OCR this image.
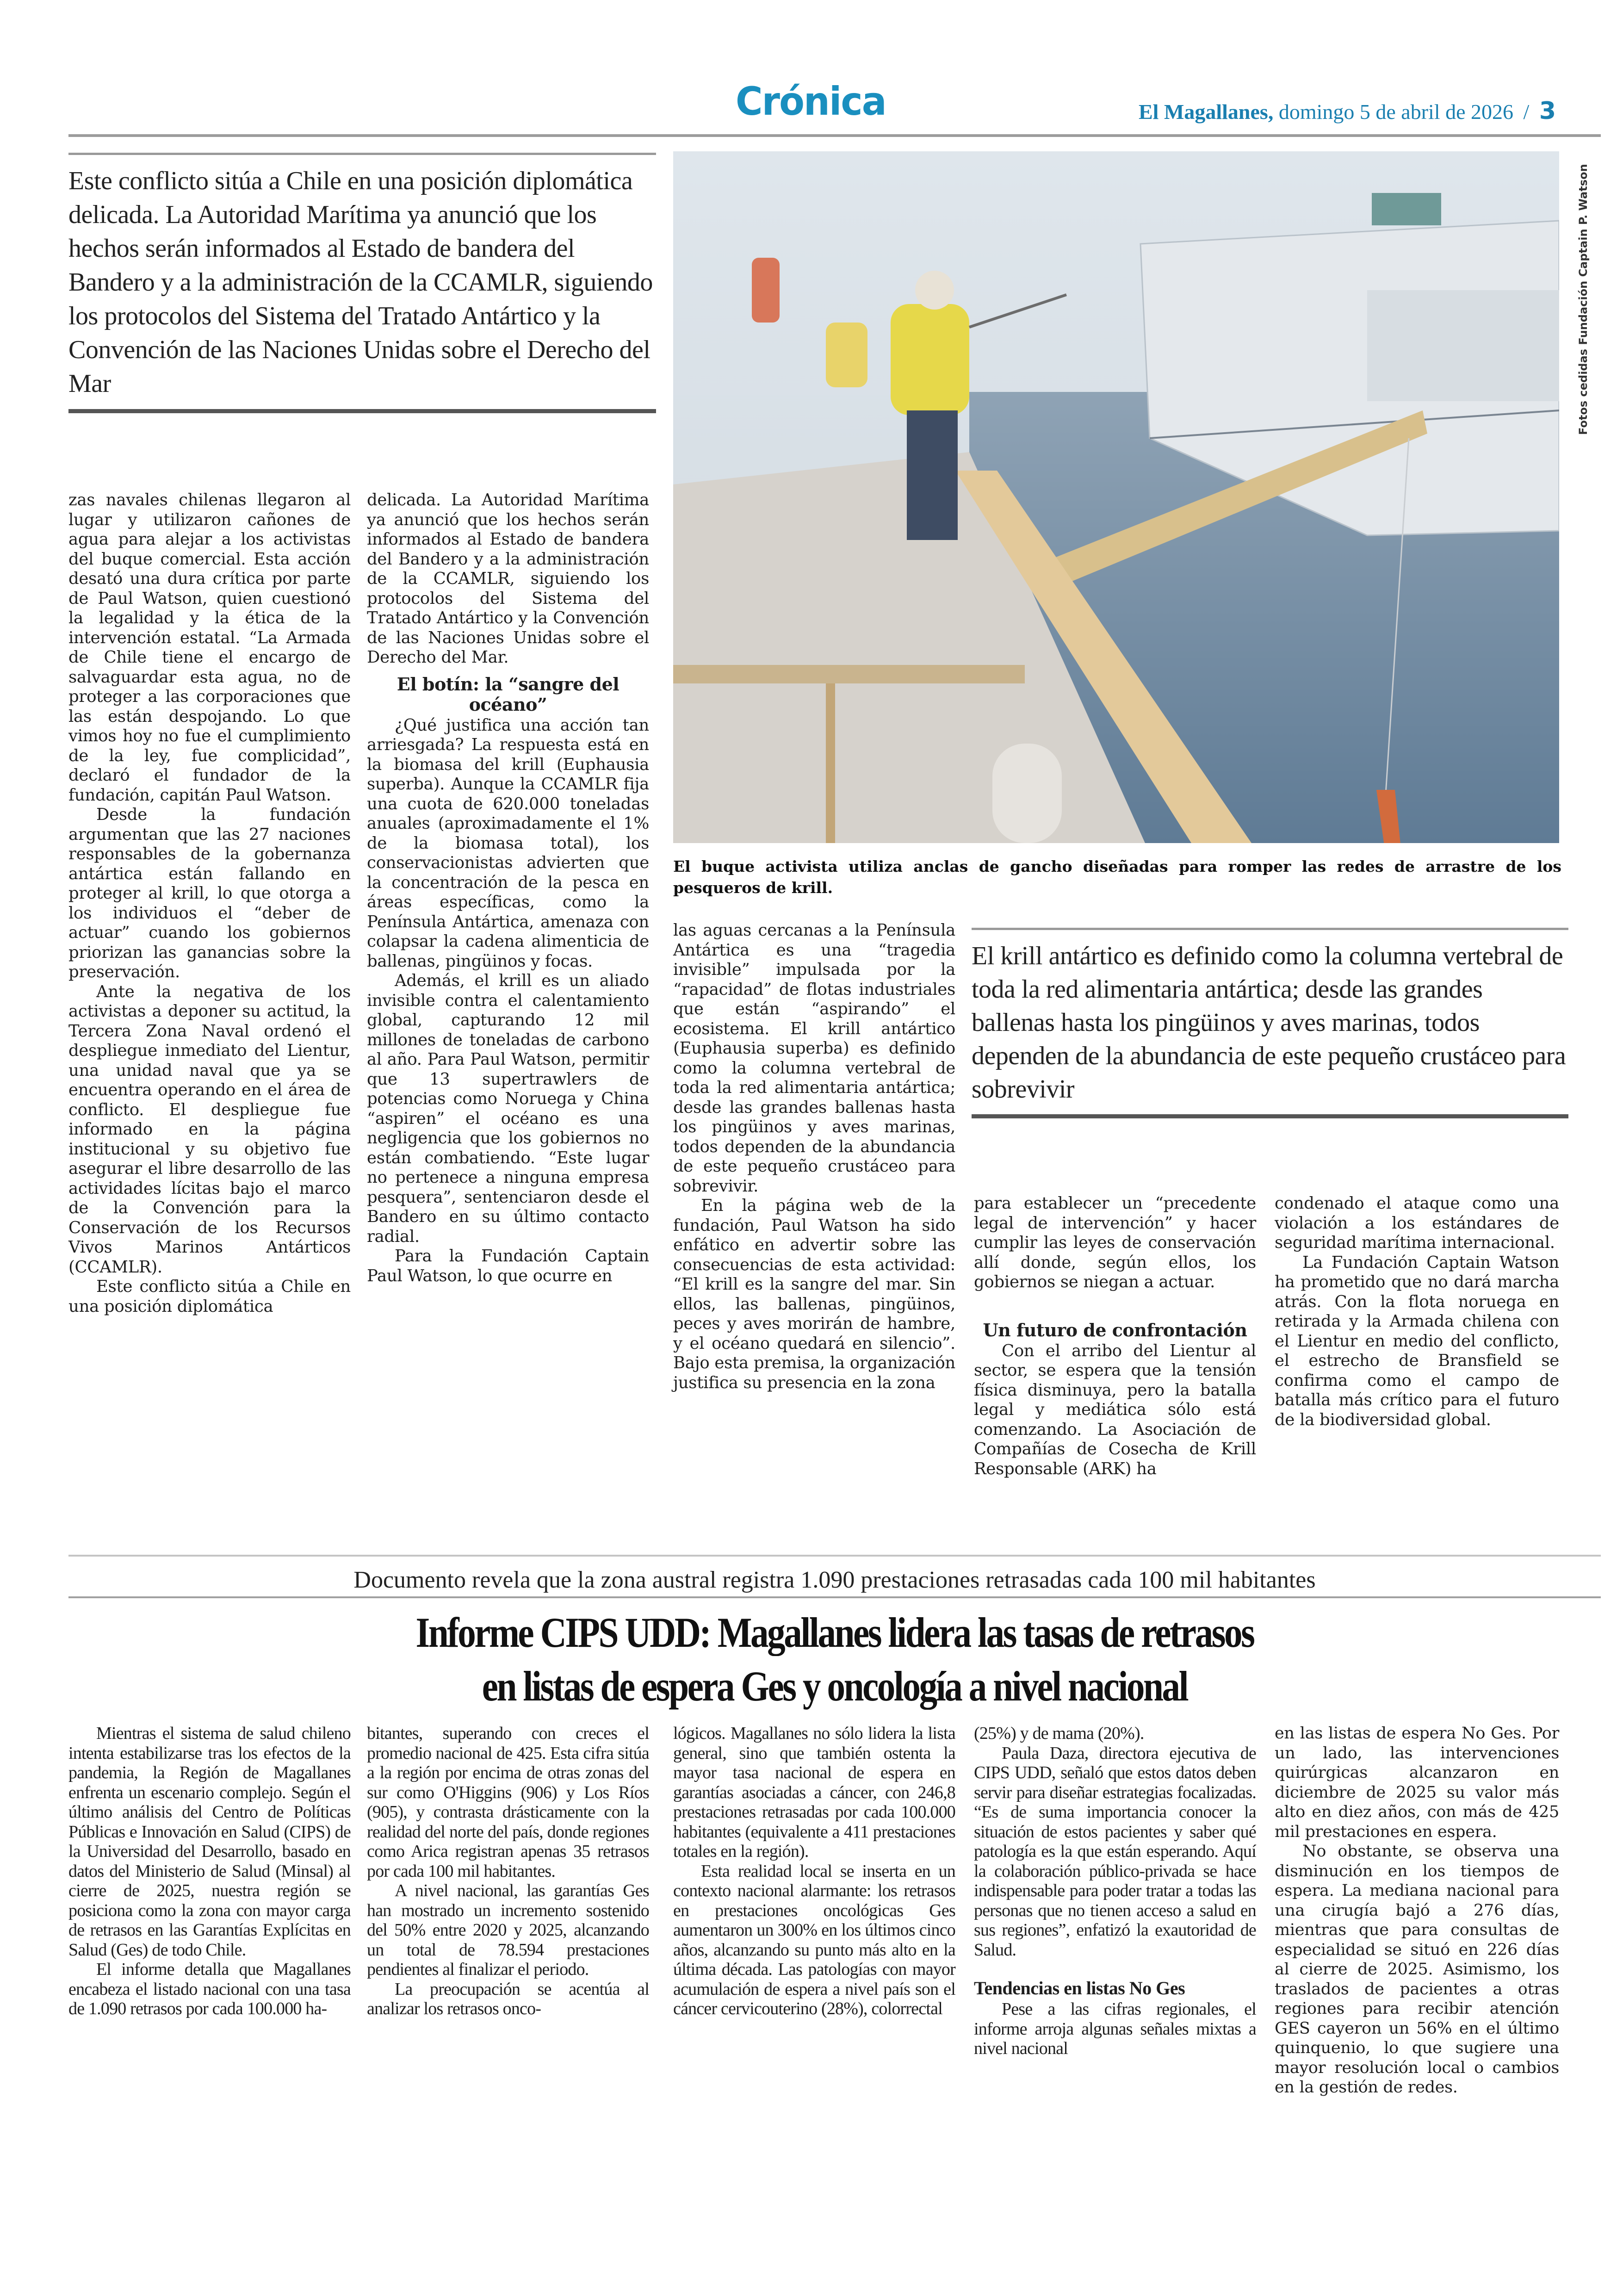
Crónica	El Magallanes, domingo 5 de abril de 2026 / 3

Este conflicto sitúa a Chile en una posición diplomática delicada. La Autoridad Marítima ya anunció que los hechos serán informados al Estado de bandera del Bandero y a la administración de la CCAMLR, siguiendo los protocolos del Sistema del Tratado Antártico y la Convención de las Naciones Unidas sobre el Derecho del Mar	Fotos cedidas Fundación Captain P. Watson
El buque activista utiliza anclas de gancho diseñadas para romper las redes de arrastre de los pesqueros de krill.

zas navales chilenas llegaron al lugar y utilizaron cañones de agua para alejar a los activistas del buque comercial. Esta acción desató una dura crítica por parte de Paul Watson, quien cuestionó la legalidad y la ética de la intervención estatal. “La Armada de Chile tiene el encargo de salvaguardar esta agua, no de proteger a las corporaciones que las están despojando. Lo que vimos hoy no fue el cumplimiento de la ley, fue complicidad”, declaró el fundador de la fundación, capitán Paul Watson.

Desde la fundación argumentan que las 27 naciones responsables de la gobernanza antártica están fallando en proteger al krill, lo que otorga a los individuos el “deber de actuar” cuando los gobiernos priorizan las ganancias sobre la preservación.

Ante la negativa de los activistas a deponer su actitud, la Tercera Zona Naval ordenó el despliegue inmediato del Lientur, una unidad naval que ya se encuentra operando en el área de conflicto. El despliegue fue informado en la página institucional y su objetivo fue asegurar el libre desarrollo de las actividades lícitas bajo el marco de la Convención para la Conservación de los Recursos Vivos Marinos Antárticos (CCAMLR).

Este conflicto sitúa a Chile en una posición diplomática

delicada. La Autoridad Marítima ya anunció que los hechos serán informados al Estado de bandera del Bandero y a la administración de la CCAMLR, siguiendo los protocolos del Sistema del Tratado Antártico y la Convención de las Naciones Unidas sobre el Derecho del Mar.

El botín: la “sangre del océano”

¿Qué justifica una acción tan arriesgada? La respuesta está en la biomasa del krill (Euphausia superba). Aunque la CCAMLR fija una cuota de 620.000 toneladas anuales (aproximadamente el 1% de la biomasa total), los conservacionistas advierten que la concentración de la pesca en áreas específicas, como la Península Antártica, amenaza con colapsar la cadena alimenticia de ballenas, pingüinos y focas.

Además, el krill es un aliado invisible contra el calentamiento global, capturando 12 mil millones de toneladas de carbono al año. Para Paul Watson, permitir que 13 supertrawlers de potencias como Noruega y China “aspiren” el océano es una negligencia que los gobiernos no están combatiendo. “Este lugar no pertenece a ninguna empresa pesquera”, sentenciaron desde el Bandero en su último contacto radial.

Para la Fundación Captain Paul Watson, lo que ocurre en

las aguas cercanas a la Península Antártica es una “tragedia invisible” impulsada por la “rapacidad” de flotas industriales que están “aspirando” el ecosistema. El krill antártico (Euphausia superba) es definido como la columna vertebral de toda la red alimentaria antártica; desde las grandes ballenas hasta los pingüinos y aves marinas, todos dependen de la abundancia de este pequeño crustáceo para sobrevivir.

En la página web de la fundación, Paul Watson ha sido enfático en advertir sobre las consecuencias de esta actividad: “El krill es la sangre del mar. Sin ellos, las ballenas, pingüinos, peces y aves morirán de hambre, y el océano quedará en silencio”. Bajo esta premisa, la organización justifica su presencia en la zona

El krill antártico es definido como la columna vertebral de toda la red alimentaria antártica; desde las grandes ballenas hasta los pingüinos y aves marinas, todos dependen de la abundancia de este pequeño crustáceo para sobrevivir

para establecer un “precedente legal de intervención” y hacer cumplir las leyes de conservación allí donde, según ellos, los gobiernos se niegan a actuar.

Un futuro de confrontación

Con el arribo del Lientur al sector, se espera que la tensión física disminuya, pero la batalla legal y mediática sólo está comenzando. La Asociación de Compañías de Cosecha de Krill Responsable (ARK) ha

condenado el ataque como una violación a los estándares de seguridad marítima internacional.

La Fundación Captain Watson ha prometido que no dará marcha atrás. Con la flota noruega en retirada y la Armada chilena con el Lientur en medio del conflicto, el estrecho de Bransfield se confirma como el campo de batalla más crítico para el futuro de la biodiversidad global.

Documento revela que la zona austral registra 1.090 prestaciones retrasadas cada 100 mil habitantes
Informe CIPS UDD: Magallanes lidera las tasas de retrasos
en listas de espera Ges y oncología a nivel nacional

Mientras el sistema de salud chileno intenta estabilizarse tras los efectos de la pandemia, la Región de Magallanes enfrenta un escenario complejo. Según el último análisis del Centro de Políticas Públicas e Innovación en Salud (CIPS) de la Universidad del Desarrollo, basado en datos del Ministerio de Salud (Minsal) al cierre de 2025, nuestra región se posiciona como la zona con mayor carga de retrasos en las Garantías Explícitas en Salud (Ges) de todo Chile.

El informe detalla que Magallanes encabeza el listado nacional con una tasa de 1.090 retrasos por cada 100.000 ha-

bitantes, superando con creces el promedio nacional de 425. Esta cifra sitúa a la región por encima de otras zonas del sur como O'Higgins (906) y Los Ríos (905), y contrasta drásticamente con la realidad del norte del país, donde regiones como Arica registran apenas 35 retrasos por cada 100 mil habitantes.

A nivel nacional, las garantías Ges han mostrado un incremento sostenido del 50% entre 2020 y 2025, alcanzando un total de 78.594 prestaciones pendientes al finalizar el periodo.

La preocupación se acentúa al analizar los retrasos onco-

lógicos. Magallanes no sólo lidera la lista general, sino que también ostenta la mayor tasa nacional de espera en garantías asociadas a cáncer, con 246,8 prestaciones retrasadas por cada 100.000 habitantes (equivalente a 411 prestaciones totales en la región).

Esta realidad local se inserta en un contexto nacional alarmante: los retrasos en prestaciones oncológicas Ges aumentaron un 300% en los últimos cinco años, alcanzando su punto más alto en la última década. Las patologías con mayor acumulación de espera a nivel país son el cáncer cervicouterino (28%), colorrectal

(25%) y de mama (20%).

Paula Daza, directora ejecutiva de CIPS UDD, señaló que estos datos deben servir para diseñar estrategias focalizadas. “Es de suma importancia conocer la situación de estos pacientes y saber qué patología es la que están esperando. Aquí la colaboración público-privada se hace indispensable para poder tratar a todas las personas que no tienen acceso a salud en sus regiones”, enfatizó la exautoridad de Salud.

Tendencias en listas No Ges

Pese a las cifras regionales, el informe arroja algunas señales mixtas a nivel nacional

en las listas de espera No Ges. Por un lado, las intervenciones quirúrgicas alcanzaron en diciembre de 2025 su valor más alto en diez años, con más de 425 mil prestaciones en espera.

No obstante, se observa una disminución en los tiempos de espera. La mediana nacional para una cirugía bajó a 276 días, mientras que para consultas de especialidad se situó en 226 días al cierre de 2025. Asimismo, los traslados de pacientes a otras regiones para recibir atención GES cayeron un 56% en el último quinquenio, lo que sugiere una mayor resolución local o cambios en la gestión de redes.
